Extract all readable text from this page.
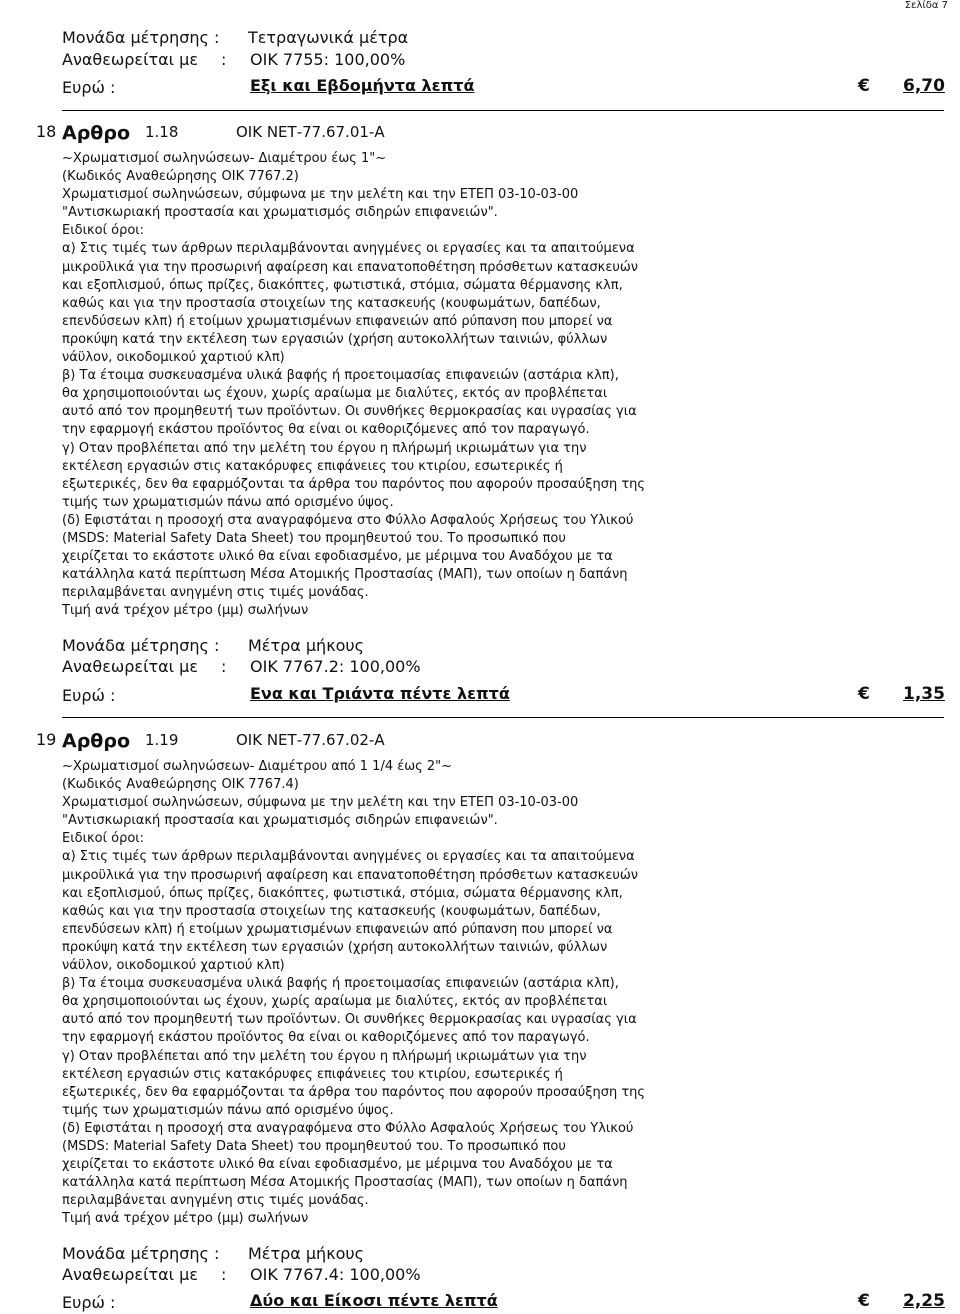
Σελίδα 7
Μονάδα μέτρησης : Τετραγωνικά μέτρα
Αναθεωρείται με : ΟΙΚ 7755: 100,00%
Ευρώ :	Εξι και Εβδομήντα λεπτά	€ 6,70
18 Αρθρο 1.18	ΟΙΚ ΝΕΤ-77.67.01-Α
~Χρωματισμοί σωληνώσεων- Διαμέτρου έως 1"~
(Κωδικός Αναθεώρησης ΟΙΚ 7767.2)
Χρωματισμοί σωληνώσεων, σύμφωνα με την μελέτη και την ΕΤΕΠ 03-10-03-00
"Αντισκωριακή προστασία και χρωματισμός σιδηρών επιφανειών".
Ειδικοί όροι:
α) Στις τιμές των άρθρων περιλαμβάνονται ανηγμένες οι εργασίες και τα απαιτούμενα
μικροϋλικά για την προσωρινή αφαίρεση και επανατοποθέτηση πρόσθετων κατασκευών
και εξοπλισμού, όπως πρίζες, διακόπτες, φωτιστικά, στόμια, σώματα θέρμανσης κλπ,
καθώς και για την προστασία στοιχείων της κατασκευής (κουφωμάτων, δαπέδων,
επενδύσεων κλπ) ή ετοίμων χρωματισμένων επιφανειών από ρύπανση που μπορεί να
προκύψη κατά την εκτέλεση των εργασιών (χρήση αυτοκολλήτων ταινιών, φύλλων
νάϋλον, οικοδομικού χαρτιού κλπ)
β) Τα έτοιμα συσκευασμένα υλικά βαφής ή προετοιμασίας επιφανειών (αστάρια κλπ),
θα χρησιμοποιούνται ως έχουν, χωρίς αραίωμα με διαλύτες, εκτός αν προβλέπεται
αυτό από τον προμηθευτή των προϊόντων. Οι συνθήκες θερμοκρασίας και υγρασίας για
την εφαρμογή εκάστου προϊόντος θα είναι οι καθοριζόμενες από τον παραγωγό.
γ) Οταν προβλέπεται από την μελέτη του έργου η πλήρωμή ικριωμάτων για την
εκτέλεση εργασιών στις κατακόρυφες επιφάνειες του κτιρίου, εσωτερικές ή
εξωτερικές, δεν θα εφαρμόζονται τα άρθρα του παρόντος που αφορούν προσαύξηση της
τιμής των χρωματισμών πάνω από ορισμένο ύψος.
(δ) Εφιστάται η προσοχή στα αναγραφόμενα στο Φύλλο Ασφαλούς Χρήσεως του Υλικού
(MSDS: Material Safety Data Sheet) του προμηθευτού του. Το προσωπικό που
χειρίζεται το εκάστοτε υλικό θα είναι εφοδιασμένο, με μέριμνα του Αναδόχου με τα
κατάλληλα κατά περίπτωση Μέσα Ατομικής Προστασίας (ΜΑΠ), των οποίων η δαπάνη
περιλαμβάνεται ανηγμένη στις τιμές μονάδας.
Τιμή ανά τρέχον μέτρο (μμ) σωλήνων
Μονάδα μέτρησης : Μέτρα μήκους
Αναθεωρείται με : ΟΙΚ 7767.2: 100,00%
Ευρώ :	Ενα και Τριάντα πέντε λεπτά	€ 1,35
19 Αρθρο 1.19	ΟΙΚ ΝΕΤ-77.67.02-Α
~Χρωματισμοί σωληνώσεων- Διαμέτρου από 1 1/4 έως 2"~
(Κωδικός Αναθεώρησης ΟΙΚ 7767.4)
Χρωματισμοί σωληνώσεων, σύμφωνα με την μελέτη και την ΕΤΕΠ 03-10-03-00
"Αντισκωριακή προστασία και χρωματισμός σιδηρών επιφανειών".
Ειδικοί όροι:
α) Στις τιμές των άρθρων περιλαμβάνονται ανηγμένες οι εργασίες και τα απαιτούμενα
μικροϋλικά για την προσωρινή αφαίρεση και επανατοποθέτηση πρόσθετων κατασκευών
και εξοπλισμού, όπως πρίζες, διακόπτες, φωτιστικά, στόμια, σώματα θέρμανσης κλπ,
καθώς και για την προστασία στοιχείων της κατασκευής (κουφωμάτων, δαπέδων,
επενδύσεων κλπ) ή ετοίμων χρωματισμένων επιφανειών από ρύπανση που μπορεί να
προκύψη κατά την εκτέλεση των εργασιών (χρήση αυτοκολλήτων ταινιών, φύλλων
νάϋλον, οικοδομικού χαρτιού κλπ)
β) Τα έτοιμα συσκευασμένα υλικά βαφής ή προετοιμασίας επιφανειών (αστάρια κλπ),
θα χρησιμοποιούνται ως έχουν, χωρίς αραίωμα με διαλύτες, εκτός αν προβλέπεται
αυτό από τον προμηθευτή των προϊόντων. Οι συνθήκες θερμοκρασίας και υγρασίας για
την εφαρμογή εκάστου προϊόντος θα είναι οι καθοριζόμενες από τον παραγωγό.
γ) Οταν προβλέπεται από την μελέτη του έργου η πλήρωμή ικριωμάτων για την
εκτέλεση εργασιών στις κατακόρυφες επιφάνειες του κτιρίου, εσωτερικές ή
εξωτερικές, δεν θα εφαρμόζονται τα άρθρα του παρόντος που αφορούν προσαύξηση της
τιμής των χρωματισμών πάνω από ορισμένο ύψος.
(δ) Εφιστάται η προσοχή στα αναγραφόμενα στο Φύλλο Ασφαλούς Χρήσεως του Υλικού
(MSDS: Material Safety Data Sheet) του προμηθευτού του. Το προσωπικό που
χειρίζεται το εκάστοτε υλικό θα είναι εφοδιασμένο, με μέριμνα του Αναδόχου με τα
κατάλληλα κατά περίπτωση Μέσα Ατομικής Προστασίας (ΜΑΠ), των οποίων η δαπάνη
περιλαμβάνεται ανηγμένη στις τιμές μονάδας.
Τιμή ανά τρέχον μέτρο (μμ) σωλήνων
Μονάδα μέτρησης : Μέτρα μήκους
Αναθεωρείται με : ΟΙΚ 7767.4: 100,00%
Ευρώ :	Δύο και Είκοσι πέντε λεπτά	€ 2,25
